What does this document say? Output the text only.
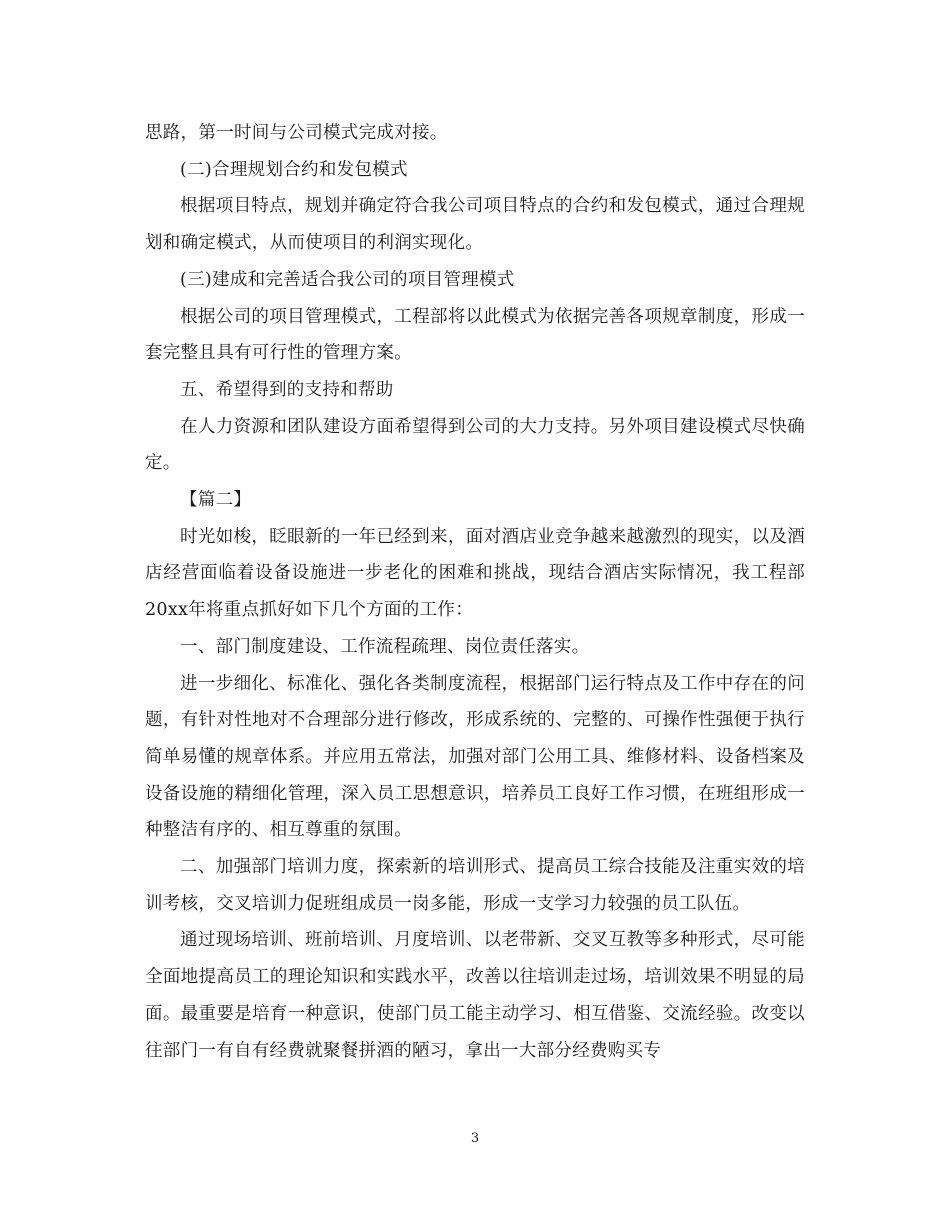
思路，第一时间与公司模式完成对接。

(二)合理规划合约和发包模式

根据项目特点，规划并确定符合我公司项目特点的合约和发包模式，通过合理规划和确定模式，从而使项目的利润实现化。

(三)建成和完善适合我公司的项目管理模式

根据公司的项目管理模式，工程部将以此模式为依据完善各项规章制度，形成一套完整且具有可行性的管理方案。

五、希望得到的支持和帮助

在人力资源和团队建设方面希望得到公司的大力支持。另外项目建设模式尽快确定。

【篇二】

时光如梭，眨眼新的一年已经到来，面对酒店业竞争越来越激烈的现实，以及酒店经营面临着设备设施进一步老化的困难和挑战，现结合酒店实际情况，我工程部20xx年将重点抓好如下几个方面的工作：

一、部门制度建设、工作流程疏理、岗位责任落实。

进一步细化、标准化、强化各类制度流程，根据部门运行特点及工作中存在的问题，有针对性地对不合理部分进行修改，形成系统的、完整的、可操作性强便于执行简单易懂的规章体系。并应用五常法，加强对部门公用工具、维修材料、设备档案及设备设施的精细化管理，深入员工思想意识，培养员工良好工作习惯，在班组形成一种整洁有序的、相互尊重的氛围。

二、加强部门培训力度，探索新的培训形式、提高员工综合技能及注重实效的培训考核，交叉培训力促班组成员一岗多能，形成一支学习力较强的员工队伍。

通过现场培训、班前培训、月度培训、以老带新、交叉互教等多种形式，尽可能全面地提高员工的理论知识和实践水平，改善以往培训走过场，培训效果不明显的局面。最重要是培育一种意识，使部门员工能主动学习、相互借鉴、交流经验。改变以往部门一有自有经费就聚餐拼酒的陋习，拿出一大部分经费购买专

3
